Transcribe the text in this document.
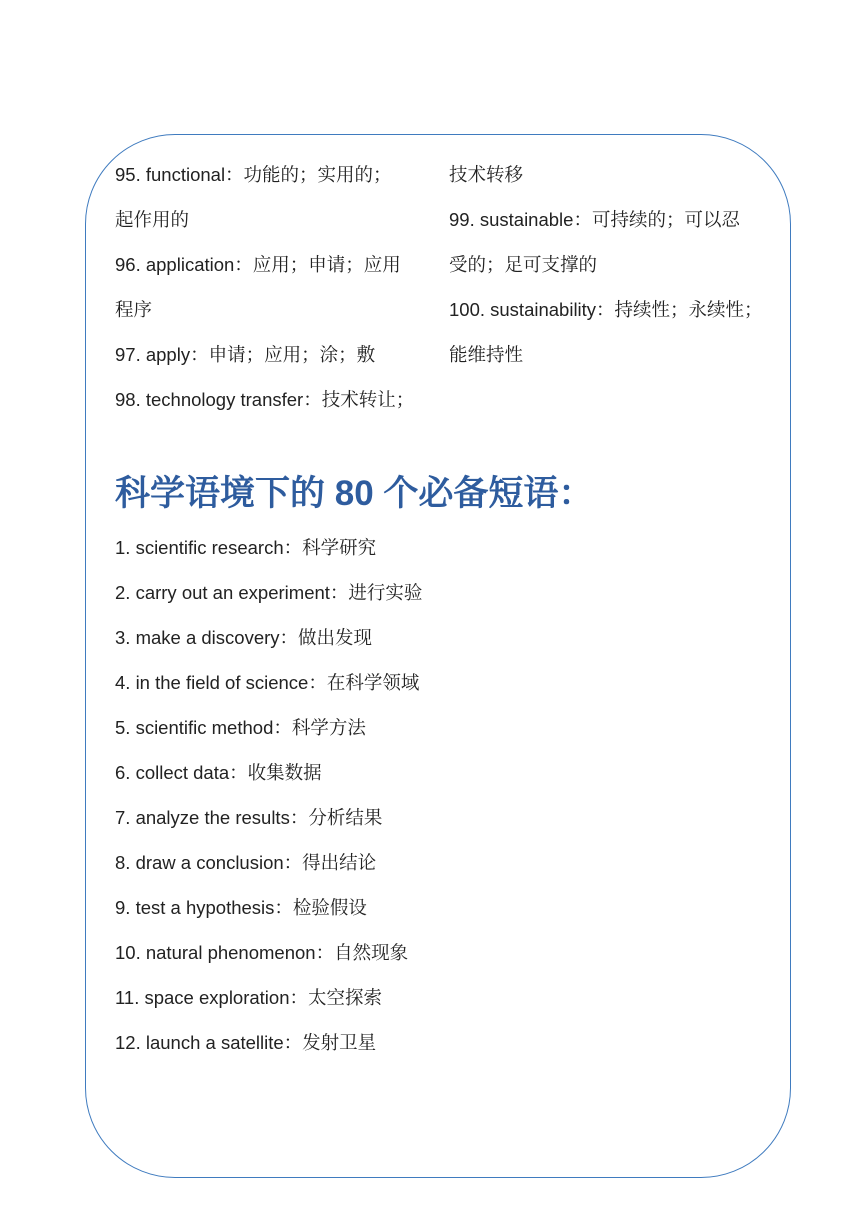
95. functional：功能的；实用的；
起作用的
96. application：应用；申请；应用
程序
97. apply：申请；应用；涂；敷
98. technology transfer：技术转让；
技术转移
99. sustainable：可持续的；可以忍
受的；足可支撑的
100. sustainability：持续性；永续性；
能维持性
科学语境下的 80 个必备短语：
1. scientific research：科学研究
2. carry out an experiment：进行实验
3. make a discovery：做出发现
4. in the field of science：在科学领域
5. scientific method：科学方法
6. collect data：收集数据
7. analyze the results：分析结果
8. draw a conclusion：得出结论
9. test a hypothesis：检验假设
10. natural phenomenon：自然现象
11. space exploration：太空探索
12. launch a satellite：发射卫星
